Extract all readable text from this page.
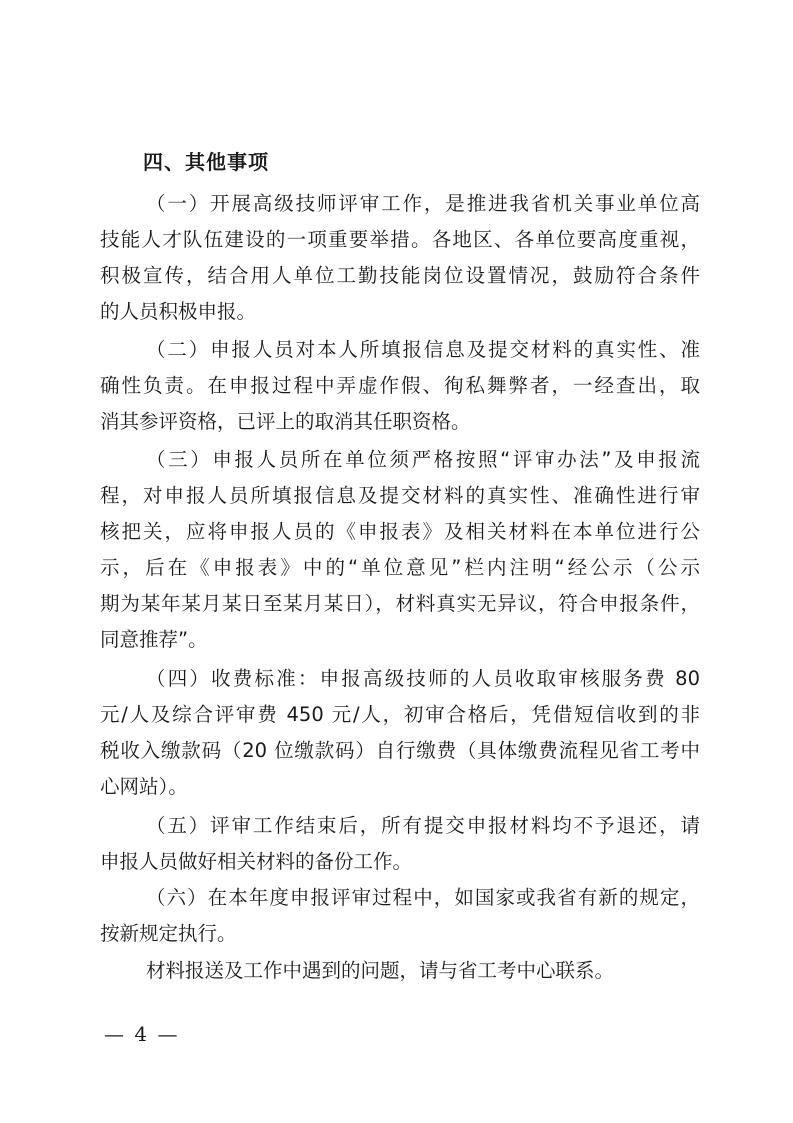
四、其他事项
（一）开展高级技师评审工作，是推进我省机关事业单位高
技能人才队伍建设的一项重要举措。各地区、各单位要高度重视，
积极宣传，结合用人单位工勤技能岗位设置情况，鼓励符合条件
的人员积极申报。
（二）申报人员对本人所填报信息及提交材料的真实性、准
确性负责。在申报过程中弄虚作假、徇私舞弊者，一经查出，取
消其参评资格，已评上的取消其任职资格。
（三）申报人员所在单位须严格按照“评审办法”及申报流
程，对申报人员所填报信息及提交材料的真实性、准确性进行审
核把关，应将申报人员的《申报表》及相关材料在本单位进行公
示，后在《申报表》中的“单位意见”栏内注明“经公示（公示
期为某年某月某日至某月某日），材料真实无异议，符合申报条件，
同意推荐”。
（四）收费标准：申报高级技师的人员收取审核服务费 80
元/人及综合评审费 450 元/人，初审合格后，凭借短信收到的非
税收入缴款码（20 位缴款码）自行缴费（具体缴费流程见省工考中
心网站）。
（五）评审工作结束后，所有提交申报材料均不予退还，请
申报人员做好相关材料的备份工作。
（六）在本年度申报评审过程中，如国家或我省有新的规定，
按新规定执行。
材料报送及工作中遇到的问题，请与省工考中心联系。
— 4 —
